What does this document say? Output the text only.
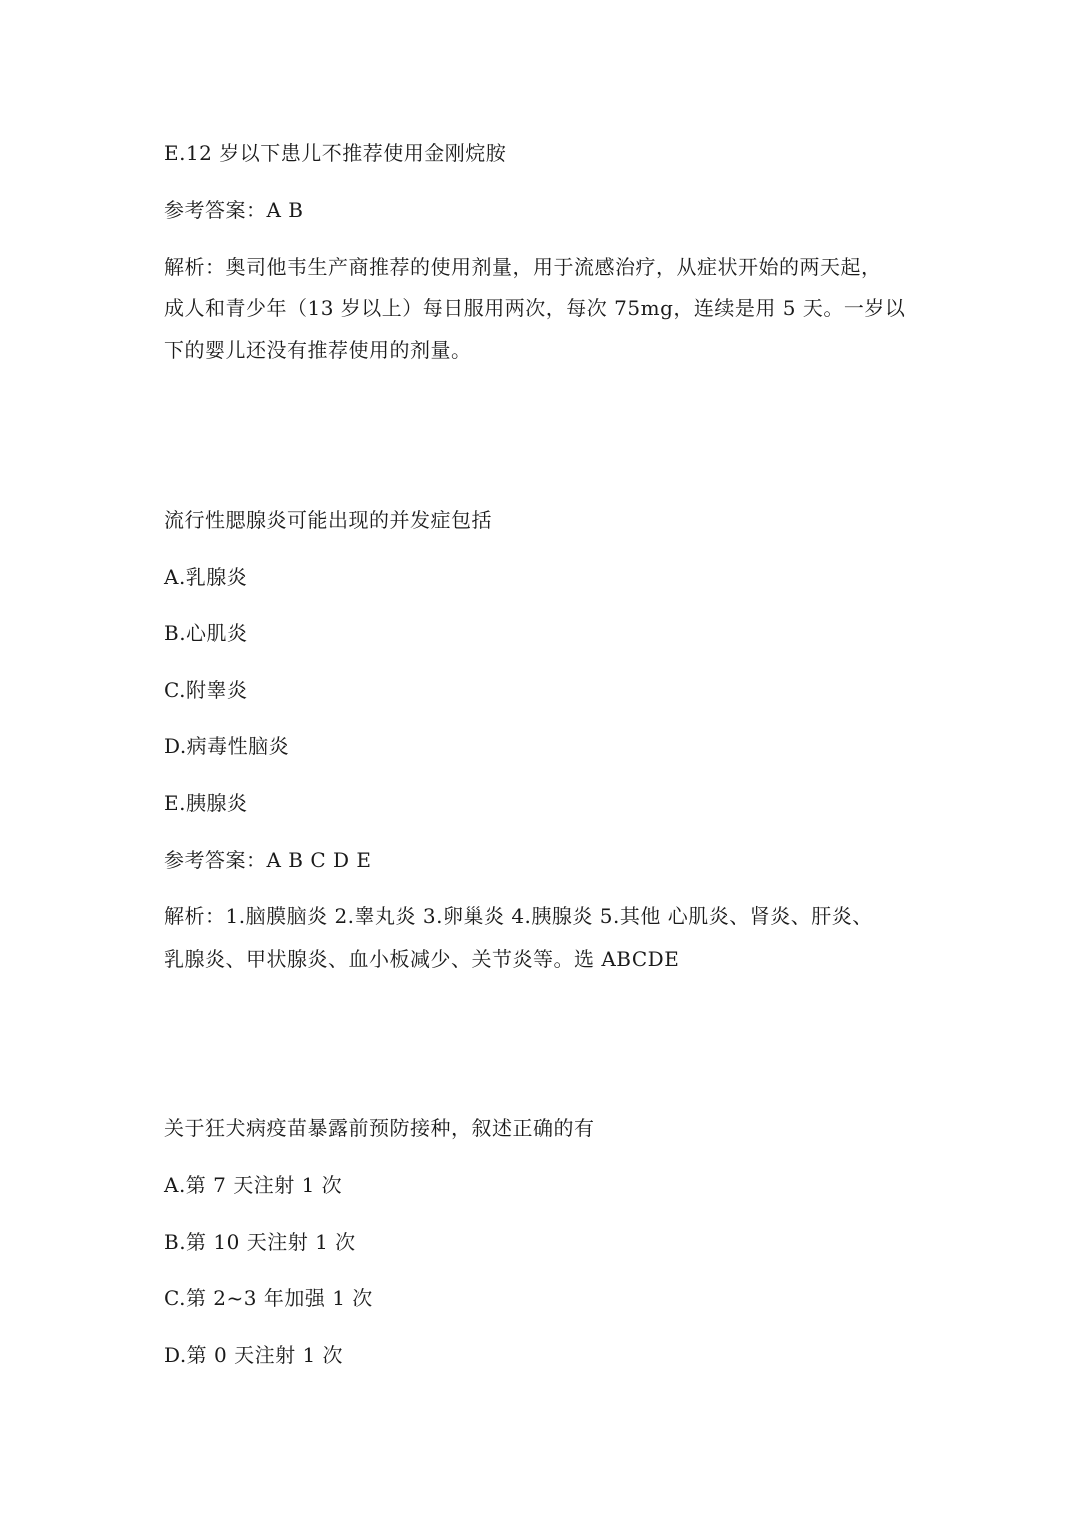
E.12 岁以下患儿不推荐使用金刚烷胺
参考答案：A B
解析：奥司他韦生产商推荐的使用剂量，用于流感治疗，从症状开始的两天起，
成人和青少年（13 岁以上）每日服用两次，每次 75mg，连续是用 5 天。一岁以
下的婴儿还没有推荐使用的剂量。
流行性腮腺炎可能出现的并发症包括
A.乳腺炎
B.心肌炎
C.附睾炎
D.病毒性脑炎
E.胰腺炎
参考答案：A B C D E
解析：1.脑膜脑炎 2.睾丸炎 3.卵巢炎 4.胰腺炎 5.其他 心肌炎、肾炎、肝炎、
乳腺炎、甲状腺炎、血小板减少、关节炎等。选 ABCDE
关于狂犬病疫苗暴露前预防接种，叙述正确的有
A.第 7 天注射 1 次
B.第 10 天注射 1 次
C.第 2~3 年加强 1 次
D.第 0 天注射 1 次
